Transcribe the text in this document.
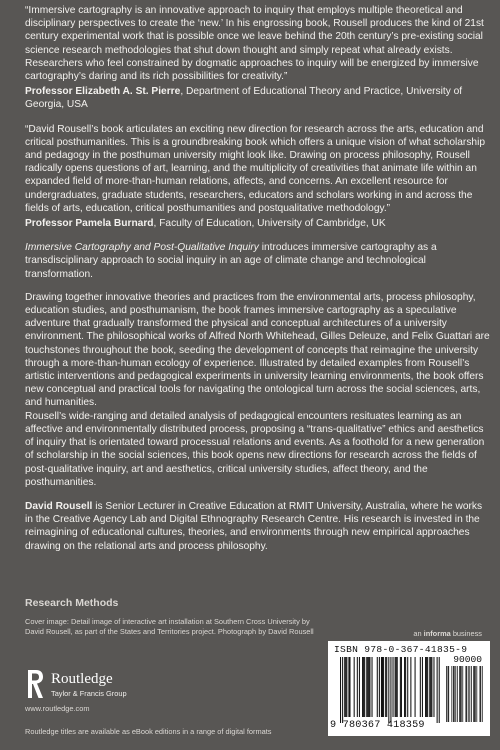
“Immersive cartography is an innovative approach to inquiry that employs multiple theoretical and disciplinary perspectives to create the ‘new.’ In his engrossing book, Rousell produces the kind of 21st century experimental work that is possible once we leave behind the 20th century’s pre-existing social science research methodologies that shut down thought and simply repeat what already exists. Researchers who feel constrained by dogmatic approaches to inquiry will be energized by immersive cartography’s daring and its rich possibilities for creativity.”

Professor Elizabeth A. St. Pierre, Department of Educational Theory and Practice, University of Georgia, USA

“David Rousell’s book articulates an exciting new direction for research across the arts, education and critical posthumanities. This is a groundbreaking book which offers a unique vision of what scholarship and pedagogy in the posthuman university might look like. Drawing on process philosophy, Rousell radically opens questions of art, learning, and the multiplicity of creativities that animate life within an expanded field of more-than-human relations, affects, and concerns. An excellent resource for undergraduates, graduate students, researchers, educators and scholars working in and across the fields of arts, education, critical posthumanities and postqualitative methodology.”

Professor Pamela Burnard, Faculty of Education, University of Cambridge, UK

Immersive Cartography and Post-Qualitative Inquiry introduces immersive cartography as a transdisciplinary approach to social inquiry in an age of climate change and technological transformation.

Drawing together innovative theories and practices from the environmental arts, process philosophy, education studies, and posthumanism, the book frames immersive cartography as a speculative adventure that gradually transformed the physical and conceptual architectures of a university environment. The philosophical works of Alfred North Whitehead, Gilles Deleuze, and Felix Guattari are touchstones throughout the book, seeding the development of concepts that reimagine the university through a more-than-human ecology of experience. Illustrated by detailed examples from Rousell’s artistic interventions and pedagogical experiments in university learning environments, the book offers new conceptual and practical tools for navigating the ontological turn across the social sciences, arts, and humanities.

Rousell’s wide-ranging and detailed analysis of pedagogical encounters resituates learning as an affective and environmentally distributed process, proposing a “trans-qualitative” ethics and aesthetics of inquiry that is orientated toward processual relations and events. As a foothold for a new generation of scholarship in the social sciences, this book opens new directions for research across the fields of post-qualitative inquiry, art and aesthetics, critical university studies, affect theory, and the posthumanities.

David Rousell is Senior Lecturer in Creative Education at RMIT University, Australia, where he works in the Creative Agency Lab and Digital Ethnography Research Centre. His research is invested in the reimagining of educational cultures, theories, and environments through new empirical approaches drawing on the relational arts and process philosophy.

Research Methods
Cover image: Detail image of interactive art installation at Southern Cross University by David Rousell, as part of the States and Territories project. Photograph by David Rousell	an informa business
Routledge
Taylor & Francis Group
www.routledge.com
Routledge titles are available as eBook editions in a range of digital formats
ISBN 978-0-367-41835-9
90000
9 780367 418359
